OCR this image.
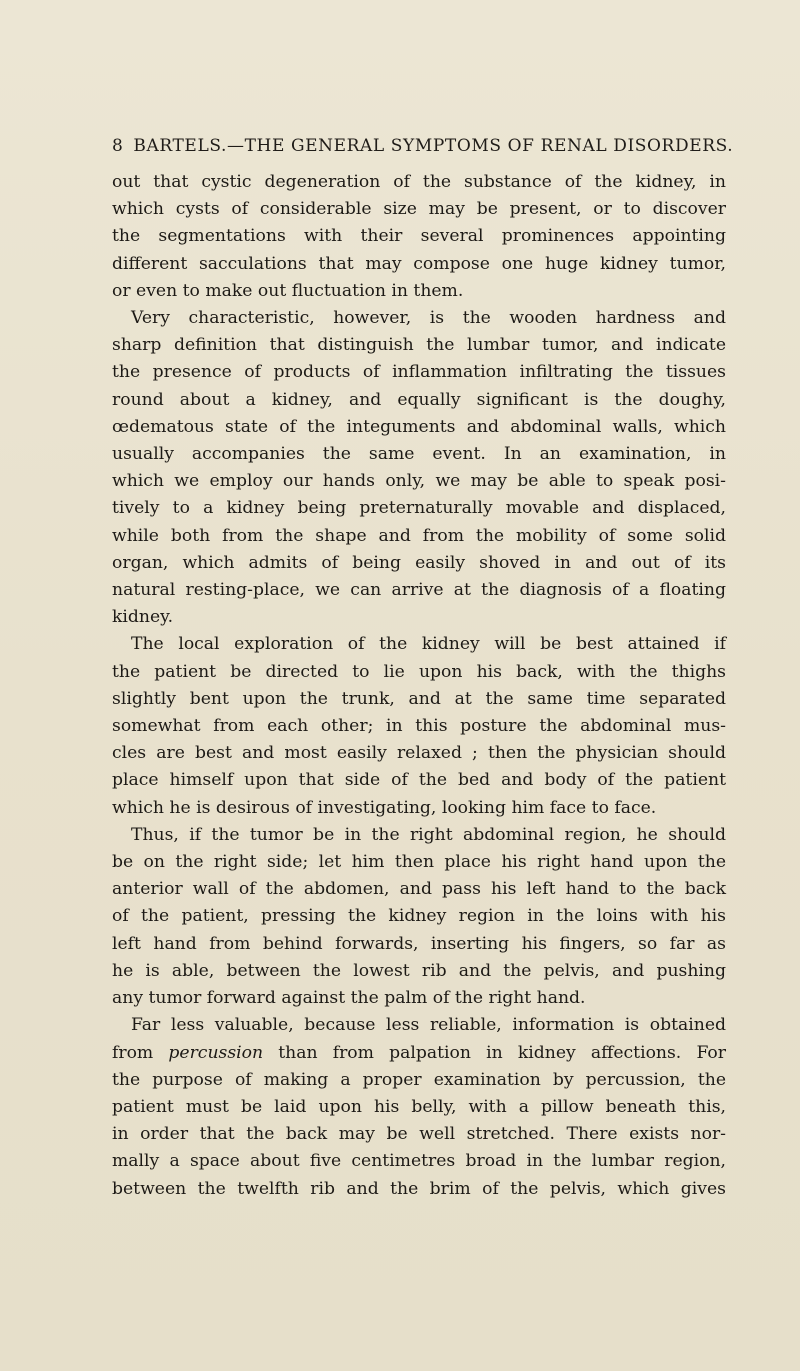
8 BARTELS.—THE GENERAL SYMPTOMS OF RENAL DISORDERS.
out that cystic degeneration of the substance of the kidney, in
which cysts of considerable size may be present, or to discover
the segmentations with their several prominences appointing
different sacculations that may compose one huge kidney tumor,
or even to make out fluctuation in them.
Very characteristic, however, is the wooden hardness and
sharp definition that distinguish the lumbar tumor, and indicate
the presence of products of inflammation infiltrating the tissues
round about a kidney, and equally significant is the doughy,
œdematous state of the integuments and abdominal walls, which
usually accompanies the same event. In an examination, in
which we employ our hands only, we may be able to speak posi-
tively to a kidney being preternaturally movable and displaced,
while both from the shape and from the mobility of some solid
organ, which admits of being easily shoved in and out of its
natural resting-place, we can arrive at the diagnosis of a floating
kidney.
The local exploration of the kidney will be best attained if
the patient be directed to lie upon his back, with the thighs
slightly bent upon the trunk, and at the same time separated
somewhat from each other; in this posture the abdominal mus-
cles are best and most easily relaxed ; then the physician should
place himself upon that side of the bed and body of the patient
which he is desirous of investigating, looking him face to face.
Thus, if the tumor be in the right abdominal region, he should
be on the right side; let him then place his right hand upon the
anterior wall of the abdomen, and pass his left hand to the back
of the patient, pressing the kidney region in the loins with his
left hand from behind forwards, inserting his fingers, so far as
he is able, between the lowest rib and the pelvis, and pushing
any tumor forward against the palm of the right hand.
Far less valuable, because less reliable, information is obtained
from percussion than from palpation in kidney affections. For
the purpose of making a proper examination by percussion, the
patient must be laid upon his belly, with a pillow beneath this,
in order that the back may be well stretched. There exists nor-
mally a space about five centimetres broad in the lumbar region,
between the twelfth rib and the brim of the pelvis, which gives
